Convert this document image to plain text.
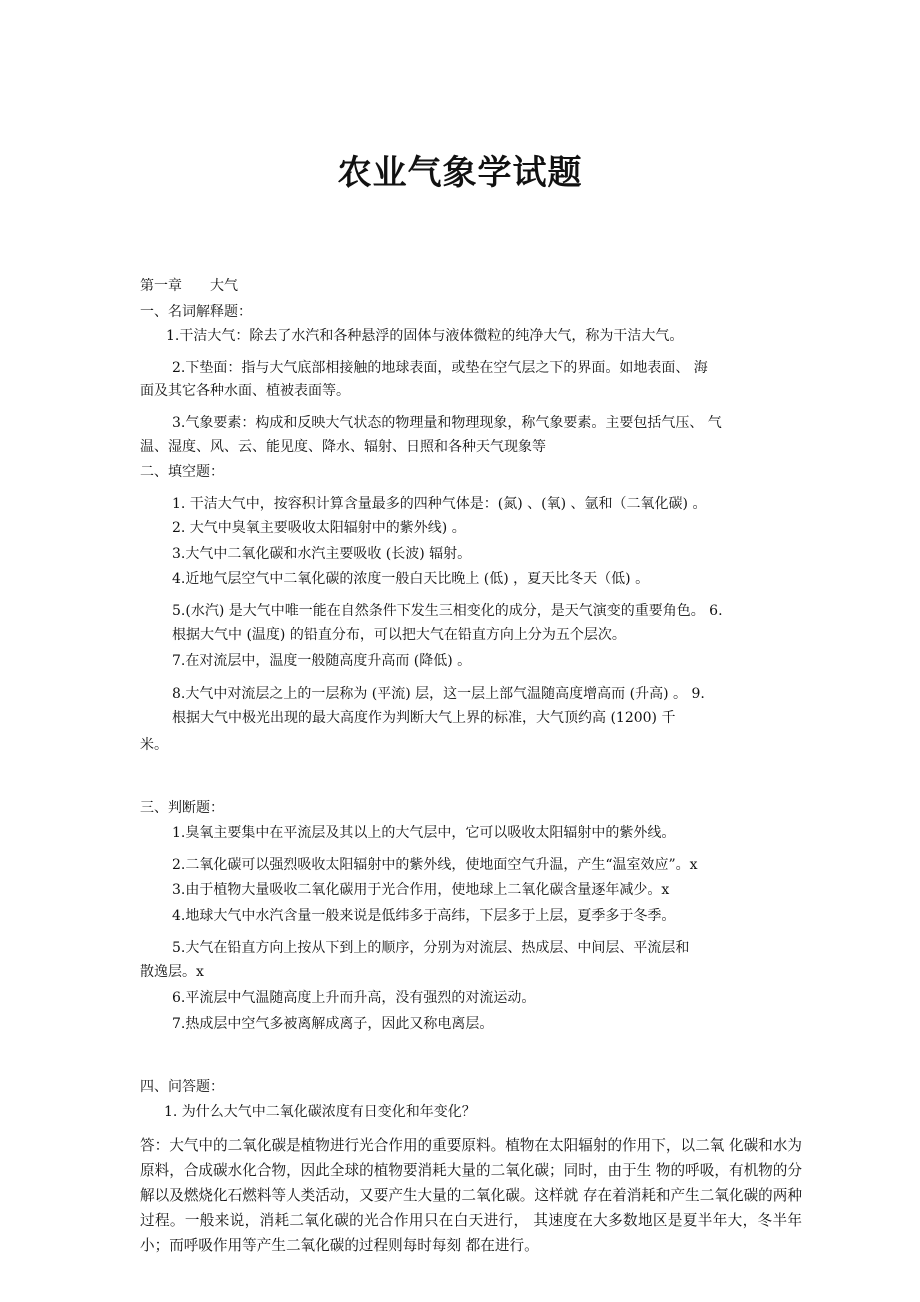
农业气象学试题
第一章 大气
一、名词解释题：
1.干洁大气：除去了水汽和各种悬浮的固体与液体微粒的纯净大气，称为干洁大气。
2.下垫面：指与大气底部相接触的地球表面，或垫在空气层之下的界面。如地表面、 海
面及其它各种水面、植被表面等。
3.气象要素：构成和反映大气状态的物理量和物理现象，称气象要素。主要包括气压、 气
温、湿度、风、云、能见度、降水、辐射、日照和各种天气现象等
二、填空题：
1. 干洁大气中，按容积计算含量最多的四种气体是：(氮) 、(氧) 、氩和（二氧化碳) 。
2. 大气中臭氧主要吸收太阳辐射中的紫外线) 。
3.大气中二氧化碳和水汽主要吸收 (长波) 辐射。
4.近地气层空气中二氧化碳的浓度一般白天比晚上 (低) ，夏天比冬天（低) 。
5.(水汽) 是大气中唯一能在自然条件下发生三相变化的成分，是天气演变的重要角色。 6.
根据大气中 (温度) 的铅直分布，可以把大气在铅直方向上分为五个层次。
7.在对流层中，温度一般随高度升高而 (降低) 。
8.大气中对流层之上的一层称为 (平流) 层，这一层上部气温随高度增高而 (升高) 。 9.
根据大气中极光出现的最大高度作为判断大气上界的标准，大气顶约高 (1200) 千
米。
三、判断题：
1.臭氧主要集中在平流层及其以上的大气层中，它可以吸收太阳辐射中的紫外线。
2.二氧化碳可以强烈吸收太阳辐射中的紫外线，使地面空气升温，产生“温室效应”。x
3.由于植物大量吸收二氧化碳用于光合作用，使地球上二氧化碳含量逐年减少。x
4.地球大气中水汽含量一般来说是低纬多于高纬，下层多于上层，夏季多于冬季。
5.大气在铅直方向上按从下到上的顺序，分别为对流层、热成层、中间层、平流层和
散逸层。x
6.平流层中气温随高度上升而升高，没有强烈的对流运动。
7.热成层中空气多被离解成离子，因此又称电离层。
四、问答题：
1. 为什么大气中二氧化碳浓度有日变化和年变化？

答：大气中的二氧化碳是植物进行光合作用的重要原料。植物在太阳辐射的作用下，以二氧 化碳和水为原料，合成碳水化合物，因此全球的植物要消耗大量的二氧化碳；同时，由于生 物的呼吸，有机物的分解以及燃烧化石燃料等人类活动，又要产生大量的二氧化碳。这样就 存在着消耗和产生二氧化碳的两种过程。一般来说，消耗二氧化碳的光合作用只在白天进行， 其速度在大多数地区是夏半年大，冬半年小；而呼吸作用等产生二氧化碳的过程则每时每刻 都在进行。
